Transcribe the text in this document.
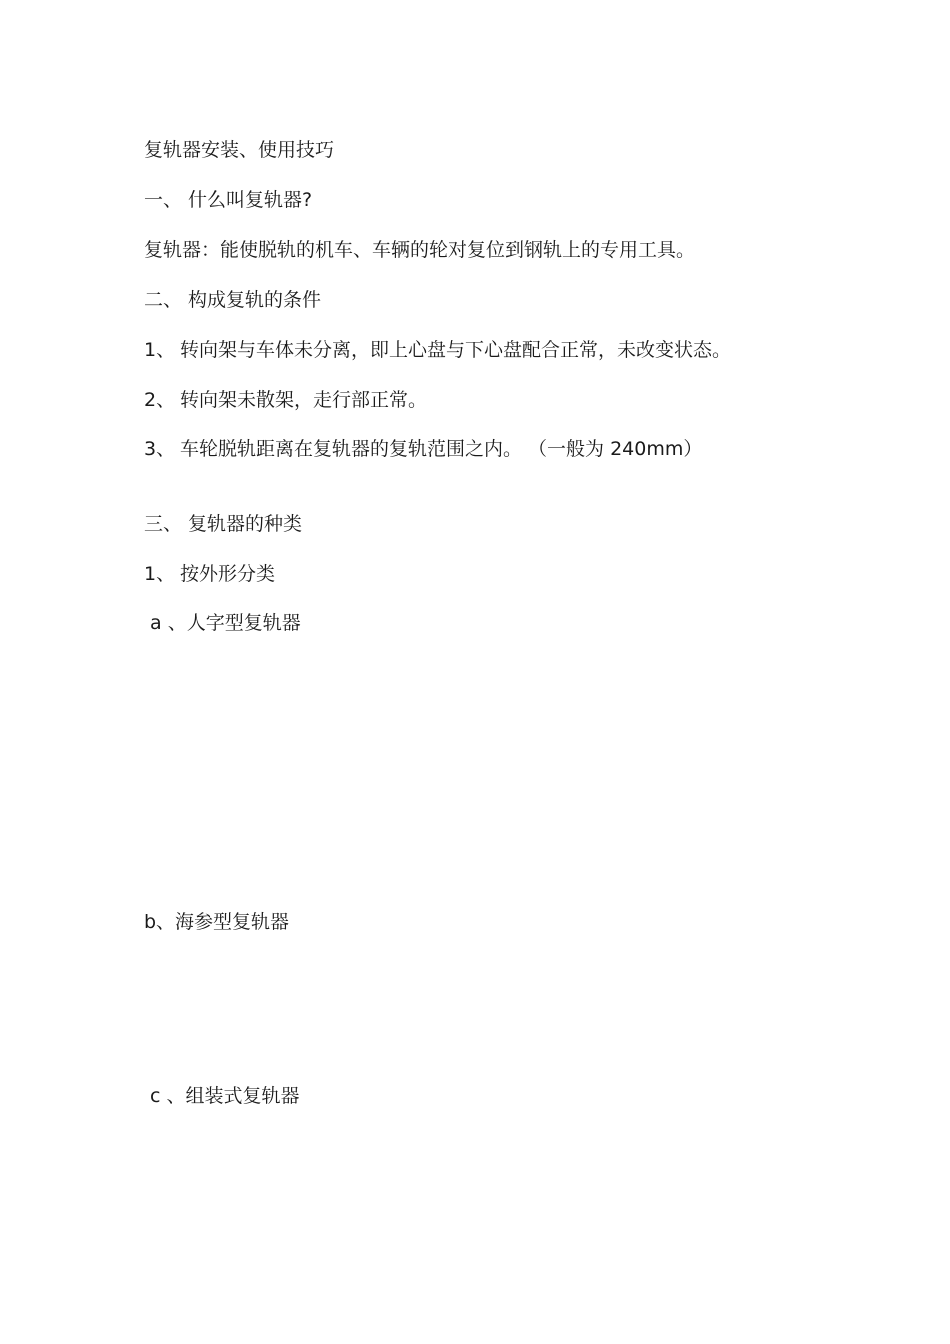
复轨器安装、使用技巧
一、 什么叫复轨器?
复轨器：能使脱轨的机车、车辆的轮对复位到钢轨上的专用工具。
二、 构成复轨的条件
1、 转向架与车体未分离，即上心盘与下心盘配合正常，未改变状态。
2、 转向架未散架，走行部正常。
3、 车轮脱轨距离在复轨器的复轨范围之内。 （一般为 240mm）
三、 复轨器的种类
1、 按外形分类
a 、人字型复轨器
b、海参型复轨器
c 、组装式复轨器
